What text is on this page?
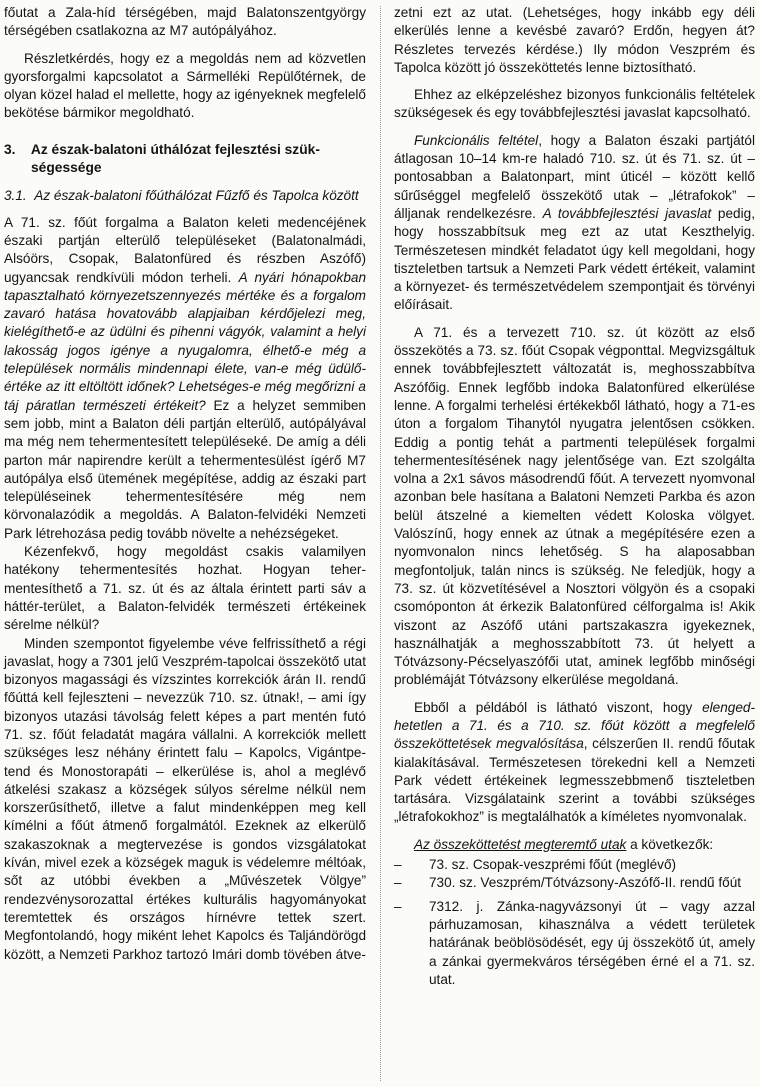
főutat a Zala-híd térségében, majd Balatonszentgyörgy térségében csatlakozna az M7 autópályához.

Részletkérdés, hogy ez a megoldás nem ad közvetlen gyorsforgalmi kapcsolatot a Sármelléki Repülőtérnek, de olyan közel halad el mellette, hogy az igényeknek megfelelő bekötése bármikor megoldható.

3. Az észak-balatoni úthálózat fejlesztési szükségessége
3.1. Az észak-balatoni főúthálózat Fűzfő és Tapolca között

A 71. sz. főút forgalma a Balaton keleti medencéjének északi partján elterülő településeket (Balatonalmádi, Alsóörs, Csopak, Balatonfüred és részben Aszófő) ugyancsak rendkívüli módon terheli. A nyári hónapokban tapasztalható környezetszennyezés mértéke és a forgalom zavaró hatása hovatovább alapjaiban kérdőjelezi meg, kielégíthető-e az üdülni és pihenni vágyók, valamint a helyi lakosság jogos igénye a nyugalomra, élhető-e még a települések normális mindennapi élete, van-e még üdülő-értéke az itt eltöltött időnek? Lehetséges-e még megőrizni a táj páratlan természeti értékeit? Ez a helyzet semmiben sem jobb, mint a Balaton déli partján elterülő, autópályával ma még nem tehermentesített településeké. De amíg a déli parton már napirendre került a tehermentesülést ígérő M7 autópálya első ütemének megépítése, addig az északi part településeinek tehermentesítésére még nem körvonalazódik a megoldás. A Balaton-felvidéki Nemzeti Park létrehozása pedig tovább növelte a nehézségeket.

Kézenfekvő, hogy megoldást csakis valamilyen hatékony tehermentesítés hozhat. Hogyan tehermentesíthető a 71. sz. út és az általa érintett parti sáv a háttér-terület, a Balaton-felvidék természeti értékeinek sérelme nélkül?

Minden szempontot figyelembe véve felfrissíthető a régi javaslat, hogy a 7301 jelű Veszprém-tapolcai összekötő utat bizonyos magassági és vízszintes korrekciók árán II. rendű főúttá kell fejleszteni – nevezzük 710. sz. útnak!, – ami így bizonyos utazási távolság felett képes a part mentén futó 71. sz. főút feladatát magára vállalni. A korrekciók mellett szükséges lesz néhány érintett falu – Kapolcs, Vigántpetend és Monostorapáti – elkerülése is, ahol a meglévő átkelési szakasz a községek súlyos sérelme nélkül nem korszerűsíthető, illetve a falut mindenképpen meg kell kímélni a főút átmenő forgalmától. Ezeknek az elkerülő szakaszoknak a megtervezése is gondos vizsgálatokat kíván, mivel ezek a községek maguk is védelemre méltóak, sőt az utóbbi években a „Művészetek Völgye” rendezvénysorozattal értékes kulturális hagyományokat teremtettek és országos hírnévre tettek szert. Megfontolandó, hogy miként lehet Kapolcs és Taljándörögd között, a Nemzeti Parkhoz tartozó Imári domb tövében átve-

zetni ezt az utat. (Lehetséges, hogy inkább egy déli elkerülés lenne a kevésbé zavaró? Erdőn, hegyen át? Részletes tervezés kérdése.) Ily módon Veszprém és Tapolca között jó összeköttetés lenne biztosítható.

Ehhez az elképzeléshez bizonyos funkcionális feltételek szükségesek és egy továbbfejlesztési javaslat kapcsolható.

Funkcionális feltétel, hogy a Balaton északi partjától átlagosan 10–14 km-re haladó 710. sz. út és 71. sz. út – pontosabban a Balatonpart, mint úticél – között kellő sűrűséggel megfelelő összekötő utak – „létrafokok” – álljanak rendelkezésre. A továbbfejlesztési javaslat pedig, hogy hosszabbítsuk meg ezt az utat Keszthelyig. Természetesen mindkét feladatot úgy kell megoldani, hogy tiszteletben tartsuk a Nemzeti Park védett értékeit, valamint a környezet- és természetvédelem szempontjait és törvényi előírásait.

A 71. és a tervezett 710. sz. út között az első összekötés a 73. sz. főút Csopak végponttal. Megvizsgáltuk ennek továbbfejlesztett változatát is, meghosszabbítva Aszófőig. Ennek legfőbb indoka Balatonfüred elkerülése lenne. A forgalmi terhelési értékekből látható, hogy a 71-es úton a forgalom Tihanytól nyugatra jelentősen csökken. Eddig a pontig tehát a partmenti települések forgalmi tehermentesítésének nagy jelentősége van. Ezt szolgálta volna a 2x1 sávos másodrendű főút. A tervezett nyomvonal azonban bele hasítana a Balatoni Nemzeti Parkba és azon belül átszelné a kiemelten védett Koloska völgyet. Valószínű, hogy ennek az útnak a megépítésére ezen a nyomvonalon nincs lehetőség. S ha alaposabban megfontoljuk, talán nincs is szükség. Ne feledjük, hogy a 73. sz. út közvetítésével a Nosztori völgyön és a csopaki csomóponton át érkezik Balatonfüred célforgalma is! Akik viszont az Aszófő utáni partszakaszra igyekeznek, használhatják a meghosszabbított 73. út helyett a Tótvázsony-Pécselyaszófői utat, aminek legfőbb minőségi problémáját Tótvázsony elkerülése megoldaná.

Ebből a példából is látható viszont, hogy elengedhetetlen a 71. és a 710. sz. főút között a megfelelő összeköttetések megvalósítása, célszerűen II. rendű főutak kialakításával. Természetesen törekedni kell a Nemzeti Park védett értékeinek legmesszebbmenő tiszteletben tartására. Vizsgálataink szerint a további szükséges „létrafokokhoz” is megtalálhatók a kíméletes nyomvonalak.

Az összeköttetést megteremtő utak a következők:

– 73. sz. Csopak-veszprémi főút (meglévő)
– 730. sz. Veszprém/Tótvázsony-Aszófő-II. rendű főút
– 7312. j. Zánka-nagyvázsonyi út – vagy azzal párhuzamosan, kihasználva a védett területek határának beöblösödését, egy új összekötő út, amely a zánkai gyermekváros térségében érné el a 71. sz. utat.
